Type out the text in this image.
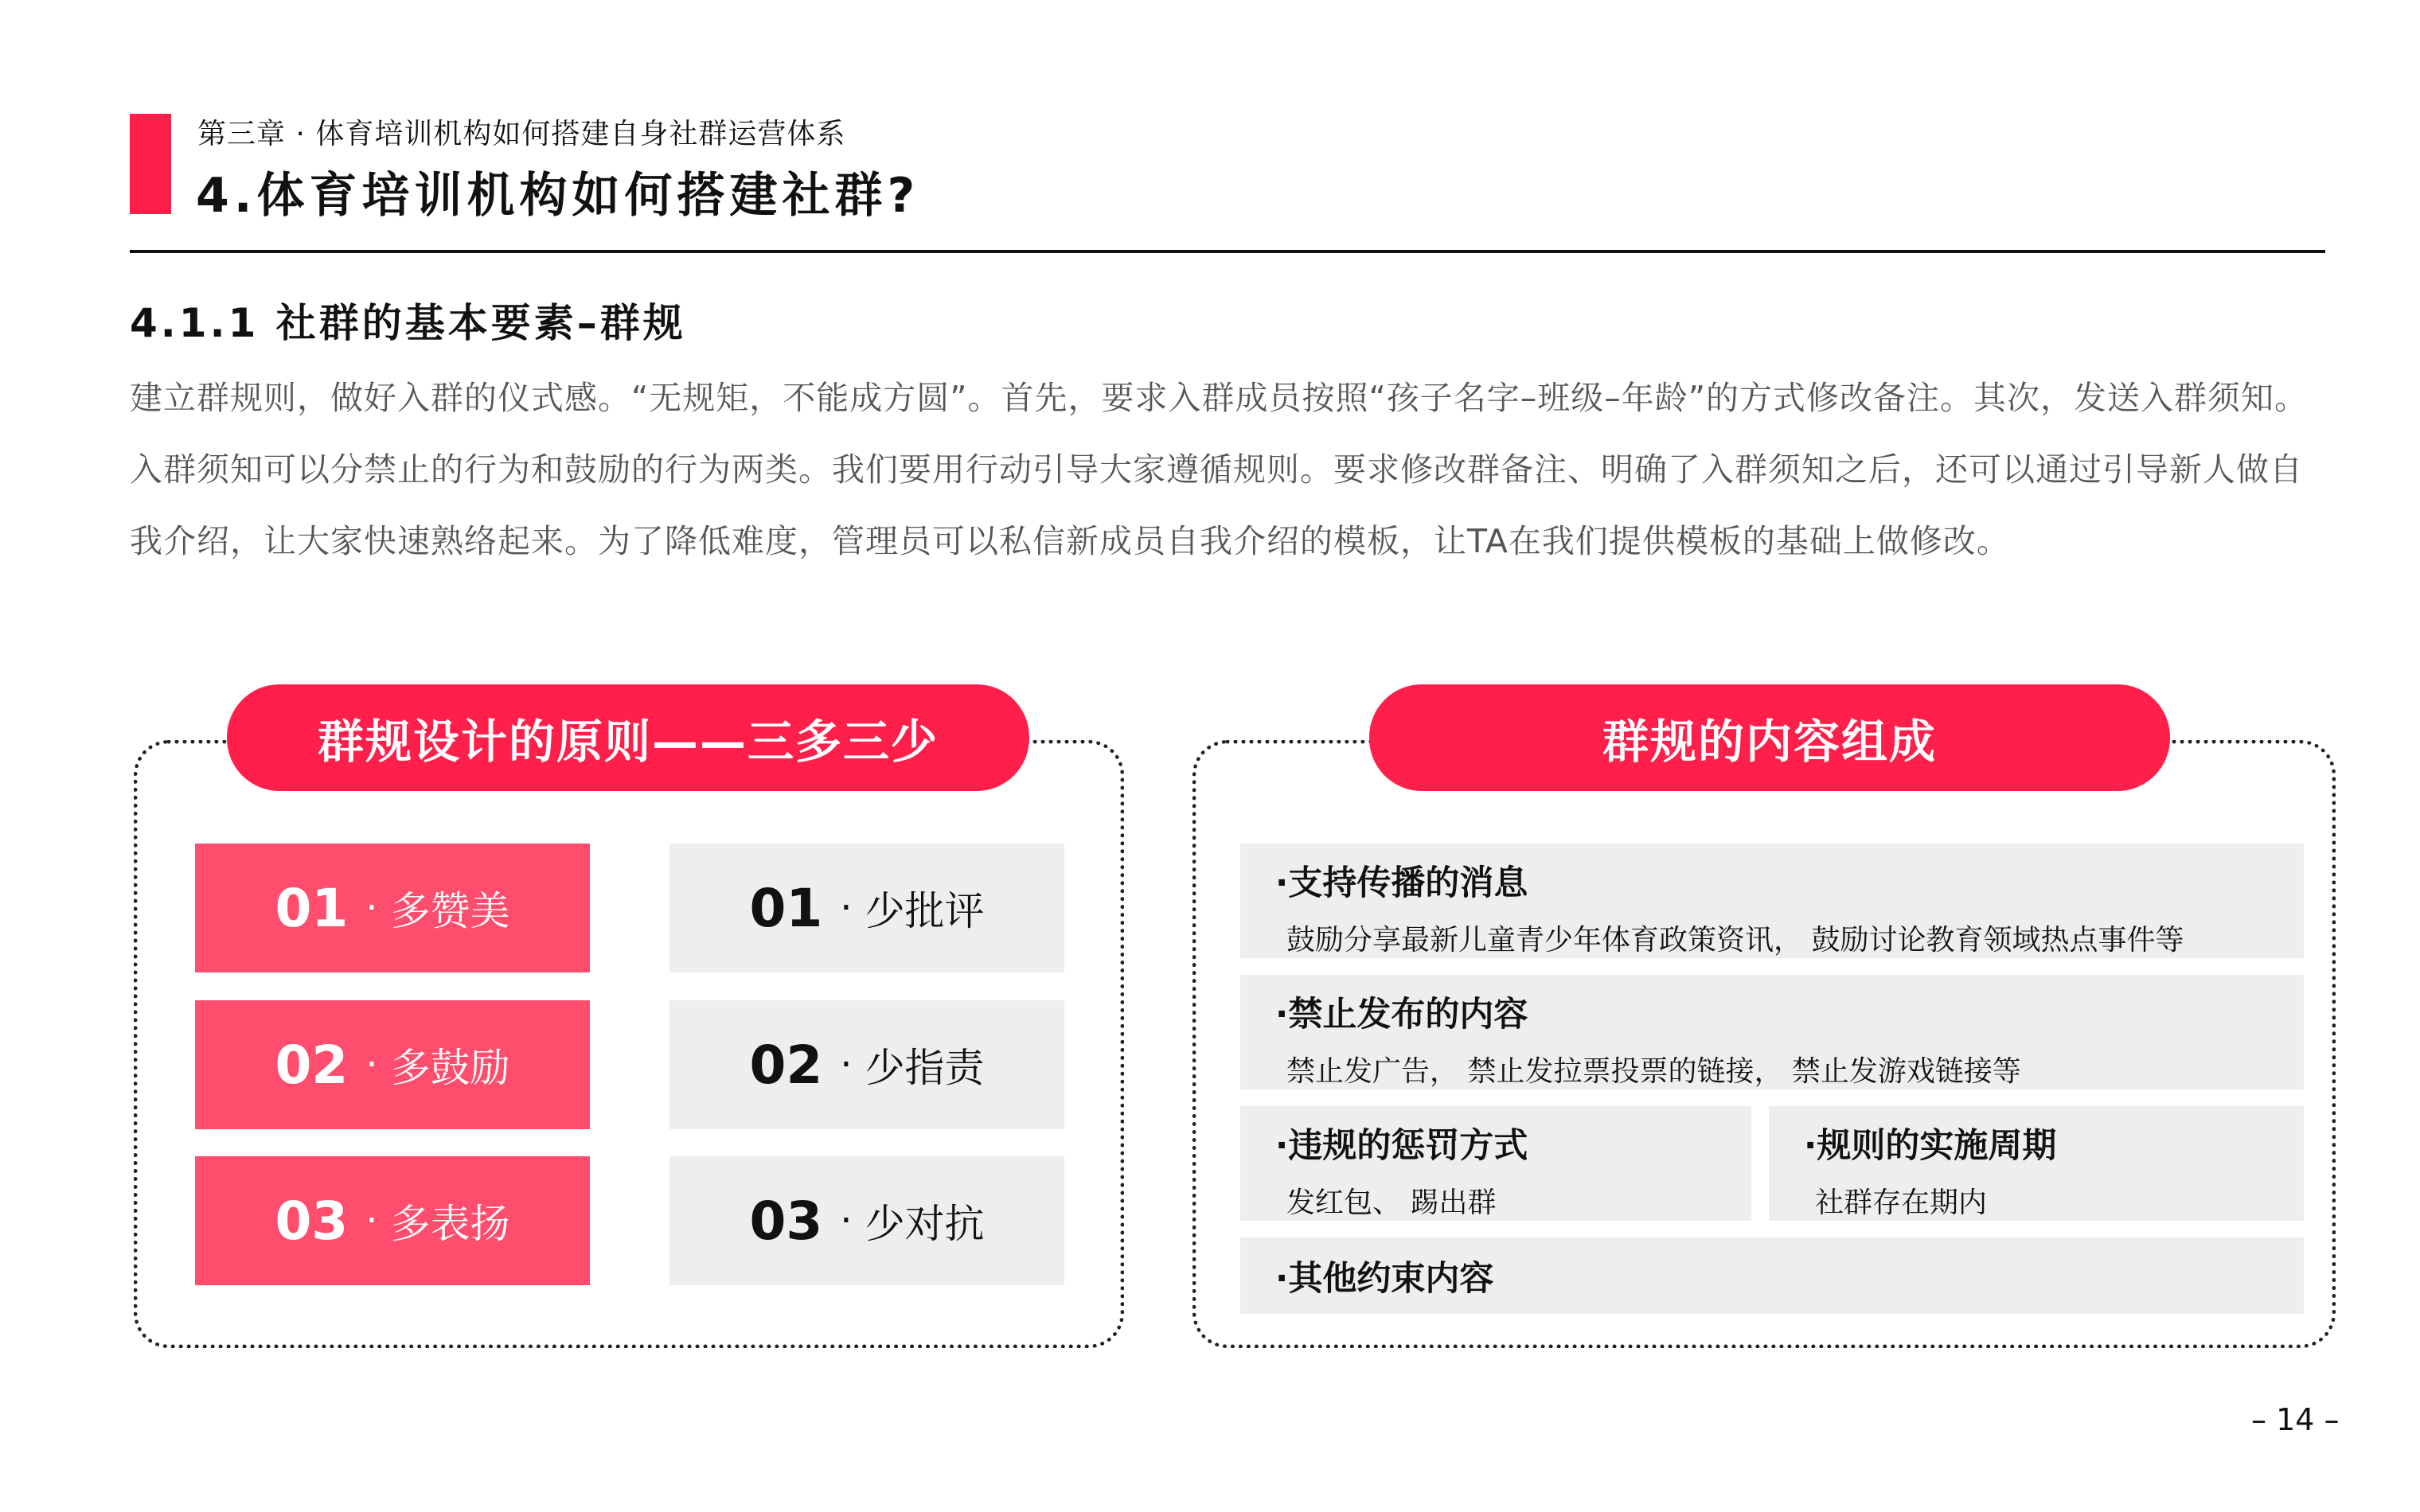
第三章 · 体育培训机构如何搭建自身社群运营体系
4.体育培训机构如何搭建社群?
4.1.1 社群的基本要素–群规
建立群规则，做好入群的仪式感。“无规矩，不能成方圆”。首先，要求入群成员按照“孩子名字–班级–年龄”的方式修改备注。其次，发送入群须知。入群须知可以分禁止的行为和鼓励的行为两类。我们要用行动引导大家遵循规则。要求修改群备注、明确了入群须知之后，还可以通过引导新人做自我介绍，让大家快速熟络起来。为了降低难度，管理员可以私信新成员自我介绍的模板，让TA在我们提供模板的基础上做修改。
群规设计的原则——三多三少
01 · 多赞美
02 · 多鼓励
03 · 多表扬
01 · 少批评
02 · 少指责
03 · 少对抗
群规的内容组成
·支持传播的消息
鼓励分享最新儿童青少年体育政策资讯， 鼓励讨论教育领域热点事件等
·禁止发布的内容
禁止发广告， 禁止发拉票投票的链接， 禁止发游戏链接等
·违规的惩罚方式
发红包、 踢出群
·规则的实施周期
社群存在期内
·其他约束内容
– 14 –
